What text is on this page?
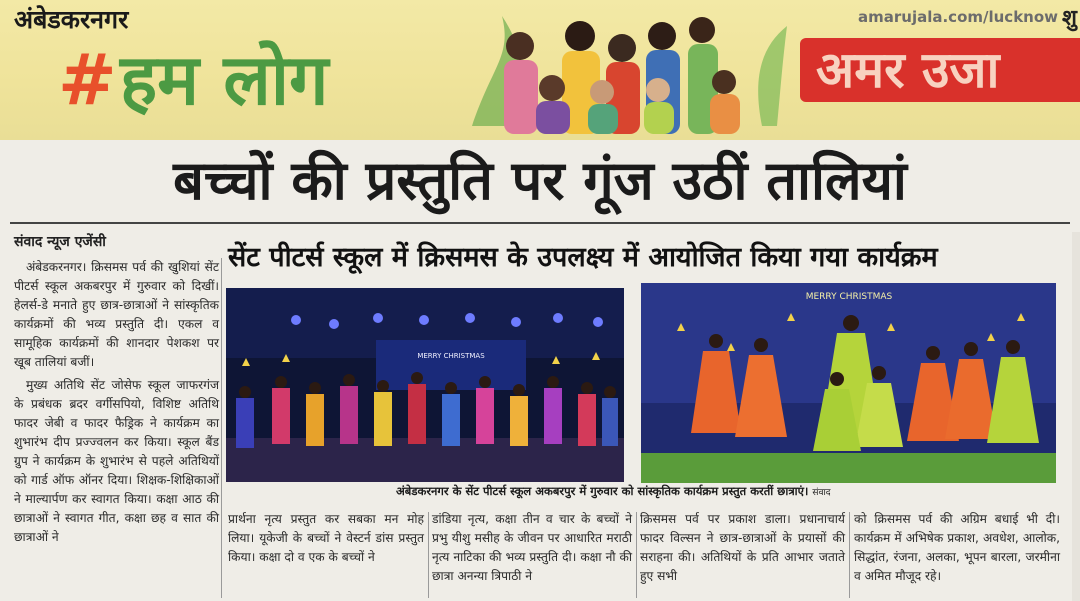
अंबेडकरनगर
# हम लोग
amarujala.com/lucknow शु
अमर उजा
बच्चों की प्रस्तुति पर गूंज उठीं तालियां
संवाद न्यूज एजेंसी

अंबेडकरनगर। क्रिसमस पर्व की खुशियां सेंट पीटर्स स्कूल अकबरपुर में गुरुवार को दिखीं। हेलर्स-डे मनाते हुए छात्र-छात्राओं ने सांस्कृतिक कार्यक्रमों की भव्य प्रस्तुति दी। एकल व सामूहिक कार्यक्रमों की शानदार पेशकश पर खूब तालियां बजीं।

मुख्य अतिथि सेंट जोसेफ स्कूल जाफरगंज के प्रबंधक ब्रदर वर्गीसपियो, विशिष्ट अतिथि फादर जेबी व फादर फैड्रिक ने कार्यक्रम का शुभारंभ दीप प्रज्ज्वलन कर किया। स्कूल बैंड ग्रुप ने कार्यक्रम के शुभारंभ से पहले अतिथियों को गार्ड ऑफ ऑनर दिया। शिक्षक-शिक्षिकाओं ने माल्यार्पण कर स्वागत किया। कक्षा आठ की छात्राओं ने स्वागत गीत, कक्षा छह व सात की छात्राओं ने

सेंट पीटर्स स्कूल में क्रिसमस के उपलक्ष्य में आयोजित किया गया कार्यक्रम
MERRY CHRISTMAS
MERRY CHRISTMAS
अंबेडकरनगर के सेंट पीटर्स स्कूल अकबरपुर में गुरुवार को सांस्कृतिक कार्यक्रम प्रस्तुत करतीं छात्राएं। संवाद

प्रार्थना नृत्य प्रस्तुत कर सबका मन मोह लिया। यूकेजी के बच्चों ने वेस्टर्न डांस प्रस्तुत किया। कक्षा दो व एक के बच्चों ने

डांडिया नृत्य, कक्षा तीन व चार के बच्चों ने प्रभु यीशु मसीह के जीवन पर आधारित मराठी नृत्य नाटिका की भव्य प्रस्तुति दी। कक्षा नौ की छात्रा अनन्या त्रिपाठी ने

क्रिसमस पर्व पर प्रकाश डाला। प्रधानाचार्य फादर विल्सन ने छात्र-छात्राओं के प्रयासों की सराहना की। अतिथियों के प्रति आभार जताते हुए सभी

को क्रिसमस पर्व की अग्रिम बधाई भी दी। कार्यक्रम में अभिषेक प्रकाश, अवधेश, आलोक, सिद्धांत, रंजना, अलका, भूपन बारला, जरमीना व अमित मौजूद रहे।
